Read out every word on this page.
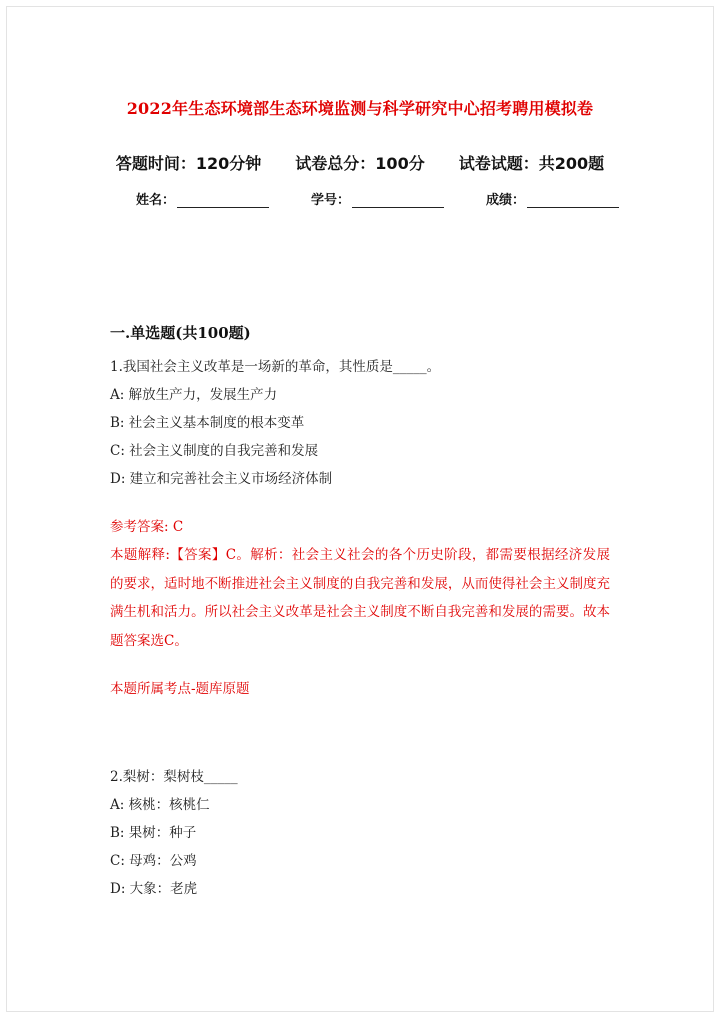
2022年生态环境部生态环境监测与科学研究中心招考聘用模拟卷
答题时间：120分钟 试卷总分：100分 试卷试题：共200题
姓名：	学号：	成绩：
一.单选题(共100题)
1.我国社会主义改革是一场新的革命，其性质是_____。
A: 解放生产力，发展生产力
B: 社会主义基本制度的根本变革
C: 社会主义制度的自我完善和发展
D: 建立和完善社会主义市场经济体制
参考答案: C
本题解释:【答案】C。解析：社会主义社会的各个历史阶段，都需要根据经济发展的要求，适时地不断推进社会主义制度的自我完善和发展，从而使得社会主义制度充满生机和活力。所以社会主义改革是社会主义制度不断自我完善和发展的需要。故本题答案选C。
本题所属考点-题库原题
2.梨树：梨树枝_____
A: 核桃：核桃仁
B: 果树：种子
C: 母鸡：公鸡
D: 大象：老虎
